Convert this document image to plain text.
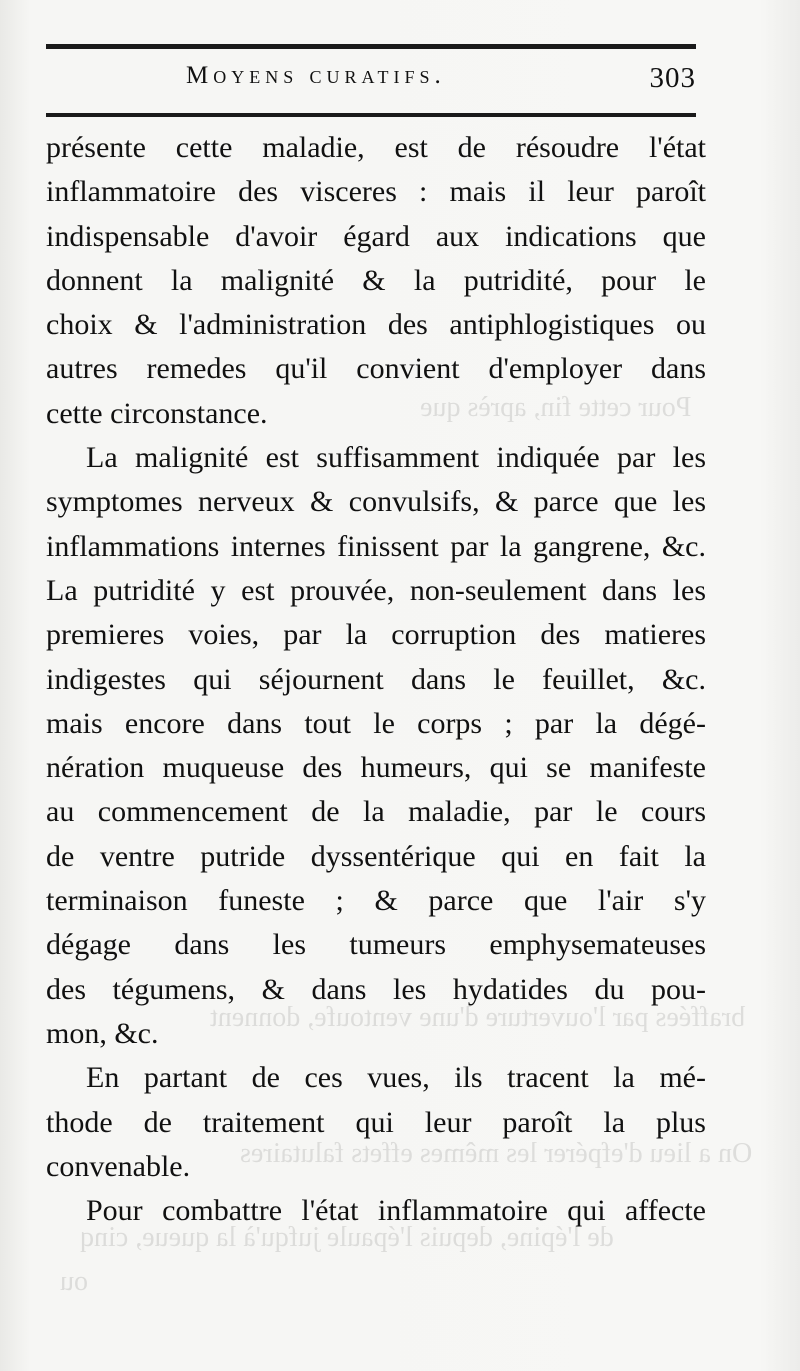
Pour cette fin, après que
braffées par l'ouverture d'une ventoufe, donnent
On a lieu d'efpérer les mêmes effets falutaires
de l'épine, depuis l'épaule jufqu'à la queue, cinq
ou
Moyens curatifs.	303
présente cette maladie, est de résoudre l'état
inflammatoire des visceres : mais il leur paroît
indispensable d'avoir égard aux indications que
donnent la malignité & la putridité, pour le
choix & l'administration des antiphlogistiques ou
autres remedes qu'il convient d'employer dans
cette circonstance.
La malignité est suffisamment indiquée par les
symptomes nerveux & convulsifs, & parce que les
inflammations internes finissent par la gangrene, &c.
La putridité y est prouvée, non-seulement dans les
premieres voies, par la corruption des matieres
indigestes qui séjournent dans le feuillet, &c.
mais encore dans tout le corps ; par la dégé-
nération muqueuse des humeurs, qui se manifeste
au commencement de la maladie, par le cours
de ventre putride dyssentérique qui en fait la
terminaison funeste ; & parce que l'air s'y
dégage dans les tumeurs emphysemateuses
des tégumens, & dans les hydatides du pou-
mon, &c.
En partant de ces vues, ils tracent la mé-
thode de traitement qui leur paroît la plus
convenable.
Pour combattre l'état inflammatoire qui affecte
